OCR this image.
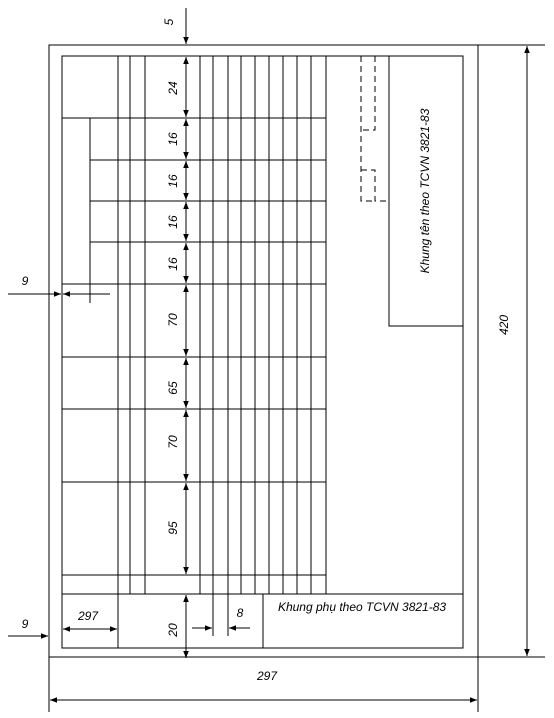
Khung tên theo TCVN 3821-83
Khung phụ theo TCVN 3821-83
24
16
16
16
16
70
65
70
95
20
5
9
9
297	8
420
297
